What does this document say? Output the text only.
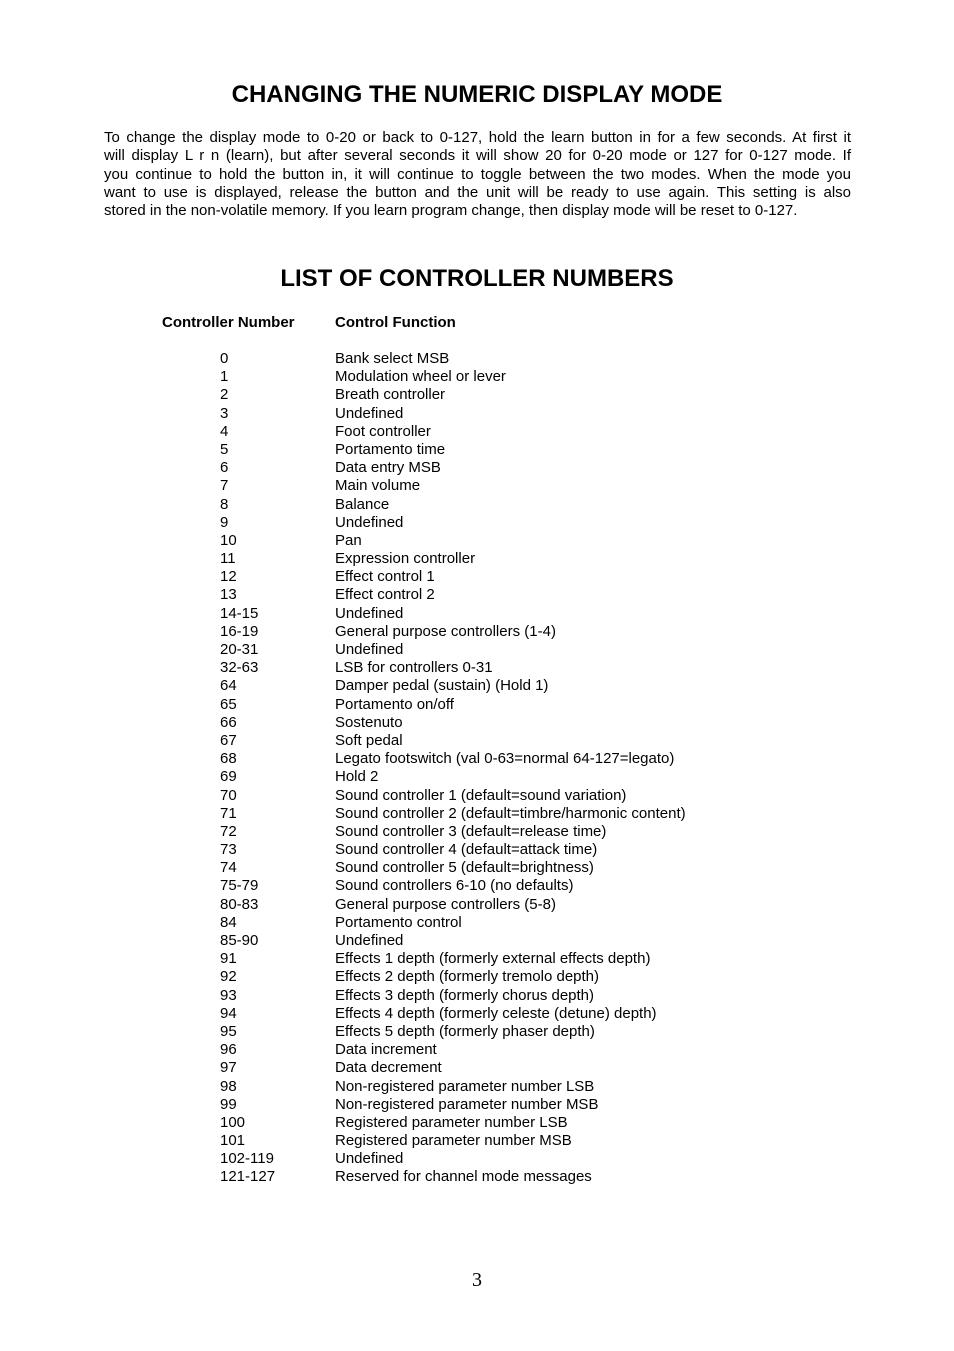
CHANGING THE NUMERIC DISPLAY MODE
To change the display mode to 0-20 or back to 0-127, hold the learn button in for a few seconds. At first it
will display L r n (learn), but after several seconds it will show 20 for 0-20 mode or 127 for 0-127 mode. If
you continue to hold the button in, it will continue to toggle between the two modes. When the mode you
want to use is displayed, release the button and the unit will be ready to use again. This setting is also
stored in the non-volatile memory. If you learn program change, then display mode will be reset to 0-127.
LIST OF CONTROLLER NUMBERS
Controller Number	Control Function
0	Bank select MSB
1	Modulation wheel or lever
2	Breath controller
3	Undefined
4	Foot controller
5	Portamento time
6	Data entry MSB
7	Main volume
8	Balance
9	Undefined
10	Pan
11	Expression controller
12	Effect control 1
13	Effect control 2
14-15	Undefined
16-19	General purpose controllers (1-4)
20-31	Undefined
32-63	LSB for controllers 0-31
64	Damper pedal (sustain) (Hold 1)
65	Portamento on/off
66	Sostenuto
67	Soft pedal
68	Legato footswitch (val 0-63=normal 64-127=legato)
69	Hold 2
70	Sound controller 1 (default=sound variation)
71	Sound controller 2 (default=timbre/harmonic content)
72	Sound controller 3 (default=release time)
73	Sound controller 4 (default=attack time)
74	Sound controller 5 (default=brightness)
75-79	Sound controllers 6-10 (no defaults)
80-83	General purpose controllers (5-8)
84	Portamento control
85-90	Undefined
91	Effects 1 depth (formerly external effects depth)
92	Effects 2 depth (formerly tremolo depth)
93	Effects 3 depth (formerly chorus depth)
94	Effects 4 depth (formerly celeste (detune) depth)
95	Effects 5 depth (formerly phaser depth)
96	Data increment
97	Data decrement
98	Non-registered parameter number LSB
99	Non-registered parameter number MSB
100	Registered parameter number LSB
101	Registered parameter number MSB
102-119	Undefined
121-127	Reserved for channel mode messages
3
